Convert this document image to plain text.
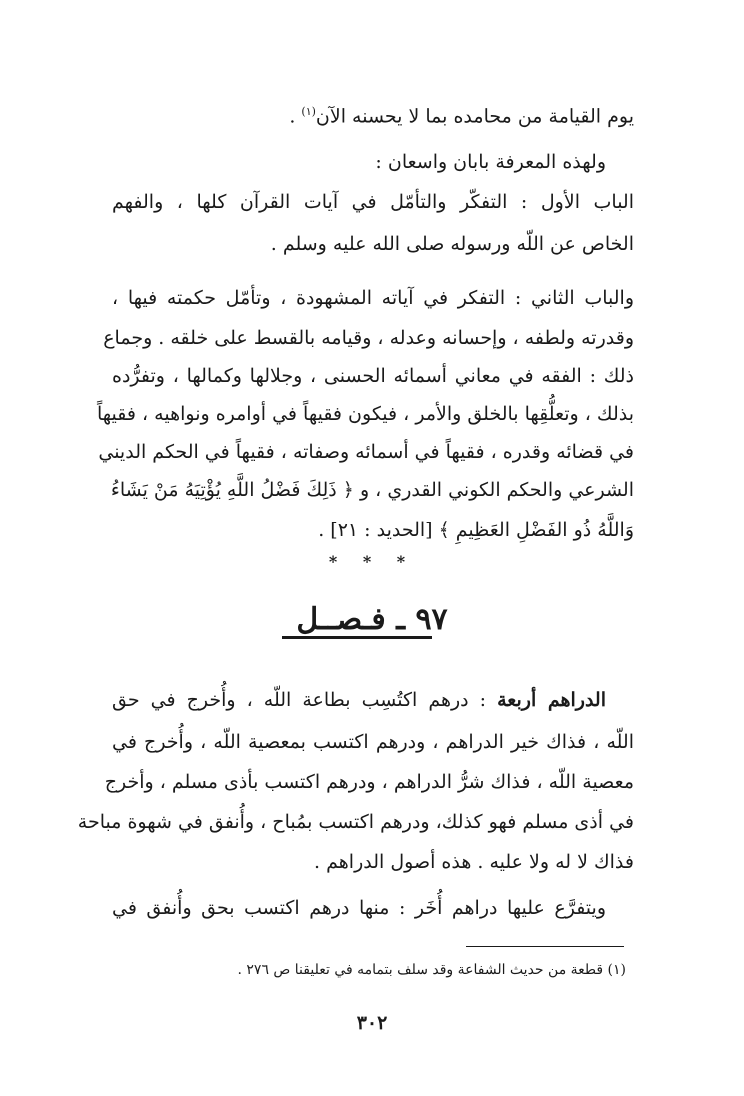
يوم القيامة من محامده بما لا يحسنه الآن$^{(١)}$ .
ولهذه المعرفة بابان واسعان :
الباب الأول : التفكّر والتأمّل في آيات القرآن كلها ، والفهم
الخاص عن اللّه ورسوله صلى الله عليه وسلم .
والباب الثاني : التفكر في آياته المشهودة ، وتأمّل حكمته فيها ،
وقدرته ولطفه ، وإحسانه وعدله ، وقيامه بالقسط على خلقه . وجماع
ذلك : الفقه في معاني أسمائه الحسنى ، وجلالها وكمالها ، وتفرُّده
بذلك ، وتعلُّقِها بالخلق والأمر ، فيكون فقيهاً في أوامره ونواهيه ، فقيهاً
في قضائه وقدره ، فقيهاً في أسمائه وصفاته ، فقيهاً في الحكم الديني
الشرعي والحكم الكوني القدري ، و ﴿ ذَلِكَ فَضْلُ اللَّهِ يُؤْتِيَهُ مَنْ يَشَاءُ
وَاللَّهُ ذُو الفَضْلِ العَظِيمِ ﴾ [الحديد : ٢١] .
* * *
٩٧ ـ فـصــل
الدراهم أربعة : درهم اكتُسِب بطاعة اللّه ، وأُخرج في حق
اللّه ، فذاك خير الدراهم ، ودرهم اكتسب بمعصية اللّه ، وأُخرج في
معصية اللّه ، فذاك شرُّ الدراهم ، ودرهم اكتسب بأذى مسلم ، وأخرج
في أذى مسلم فهو كذلك، ودرهم اكتسب بمُباح ، وأُنفق في شهوة مباحة
فذاك لا له ولا عليه . هذه أصول الدراهم .
ويتفرَّع عليها دراهم أُخَر : منها درهم اكتسب بحق وأُنفق في
(١) قطعة من حديث الشفاعة وقد سلف بتمامه في تعليقنا ص ٢٧٦ .
٣٠٢
